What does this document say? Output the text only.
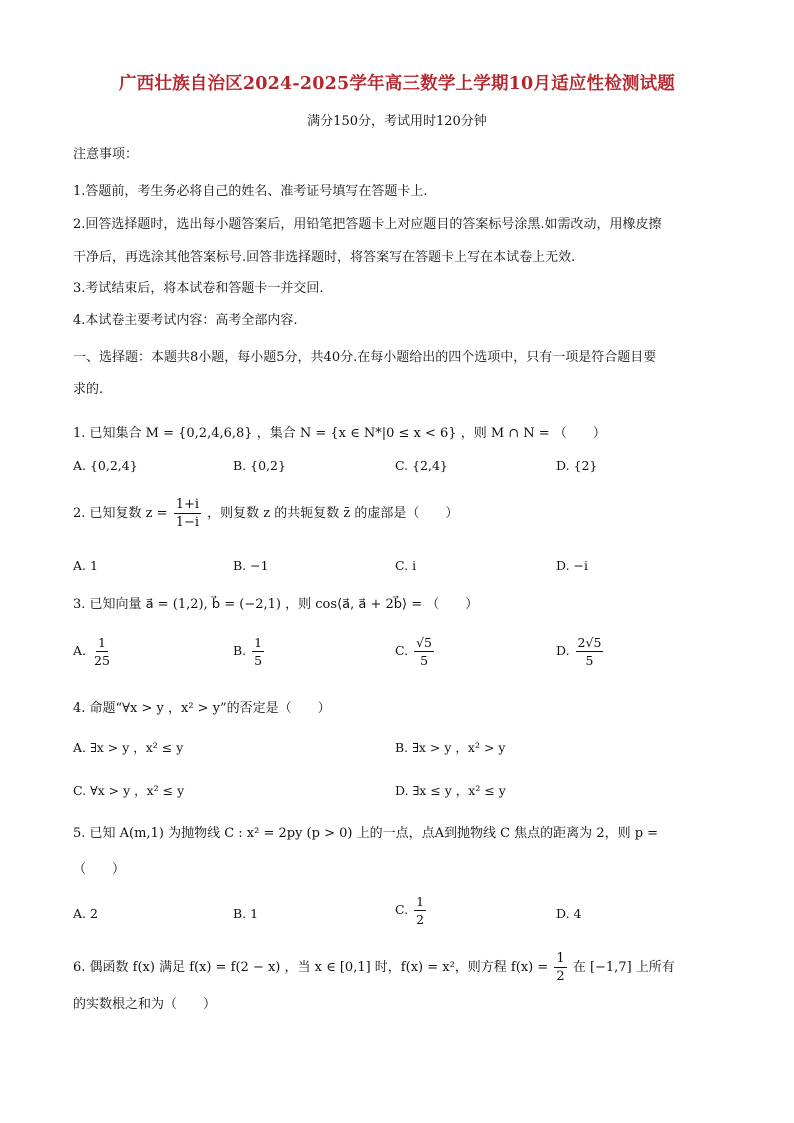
广西壮族自治区2024-2025学年高三数学上学期10月适应性检测试题
满分150分，考试用时120分钟
注意事项：
1.答题前，考生务必将自己的姓名、准考证号填写在答题卡上.
2.回答选择题时，选出每小题答案后，用铅笔把答题卡上对应题目的答案标号涂黑.如需改动，用橡皮擦
干净后，再选涂其他答案标号.回答非选择题时，将答案写在答题卡上写在本试卷上无效.
3.考试结束后，将本试卷和答题卡一并交回.
4.本试卷主要考试内容：高考全部内容.
一、选择题：本题共8小题，每小题5分，共40分.在每小题给出的四个选项中，只有一项是符合题目要
求的.
1. 已知集合 M = {0,2,4,6,8} ，集合 N = {x ∈ N*|0 ≤ x < 6} ，则 M ∩ N = （　　）
A. {0,2,4}	B. {0,2}	C. {2,4}	D. {2}
2. 已知复数 $z = \frac{1+i}{1-i}$ ，则复数 z 的共轭复数 z̄ 的虚部是（　　）
A. 1	B. −1	C. i	D. −i
3. 已知向量 a⃗ = (1,2), b⃗ = (−2,1) ，则 cos⟨a⃗, a⃗ + 2b⃗⟩ = （　　）
A. $\frac{1}{25}$	B. $\frac{1}{5}$	C. $\frac{√5}{5}$	D. $\frac{2√5}{5}$
4. 命题“∀x > y ，x² > y”的否定是（　　）
A. ∃x > y ，x² ≤ y	B. ∃x > y ，x² > y
C. ∀x > y ，x² ≤ y	D. ∃x ≤ y ，x² ≤ y
5. 已知 A(m,1) 为抛物线 C : x² = 2py (p > 0) 上的一点，点A到抛物线 C 焦点的距离为 2，则 p =
（　　）
A. 2	B. 1	C. $\frac{1}{2}$	D. 4
6. 偶函数 f(x) 满足 f(x) = f(2 − x) ，当 x ∈ [0,1] 时，f(x) = x²，则方程 $f(x) = \frac{1}{2}$ 在 [−1,7] 上所有
的实数根之和为（　　）
